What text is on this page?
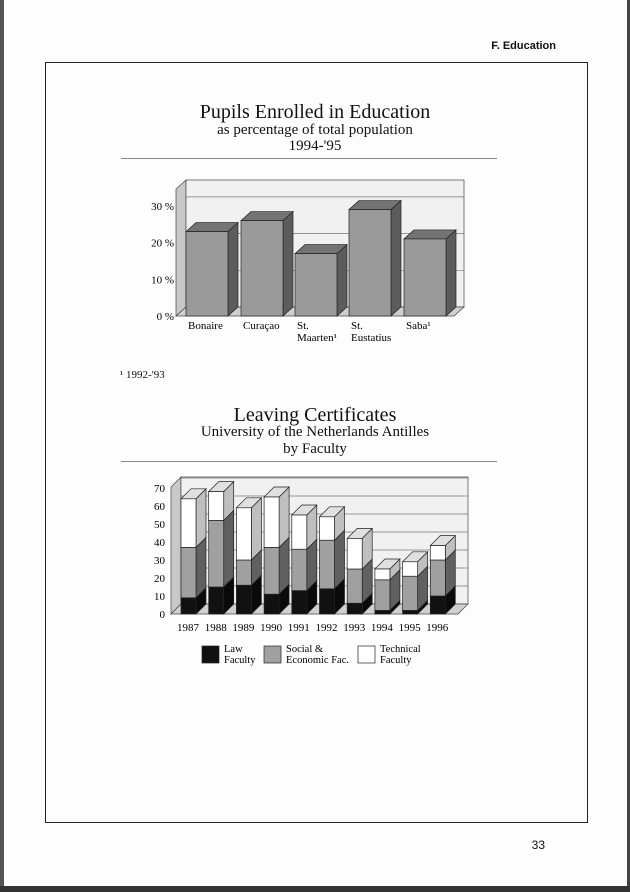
F. Education
Pupils Enrolled in Education
as percentage of total population
1994-'95
¹ 1992-'93
Leaving Certificates
University of the Netherlands Antilles
by Faculty
0 %
10 %
20 %
30 %
Bonaire Curaçao St.
Maarten¹
St.
Eustatius
Saba¹
0
10
20
30
40
50
60
70
1987 1988 1989 1990 1991 1992 1993 1994 1995 1996
Law
Faculty
Social &
Economic Fac.
Technical
Faculty
33
